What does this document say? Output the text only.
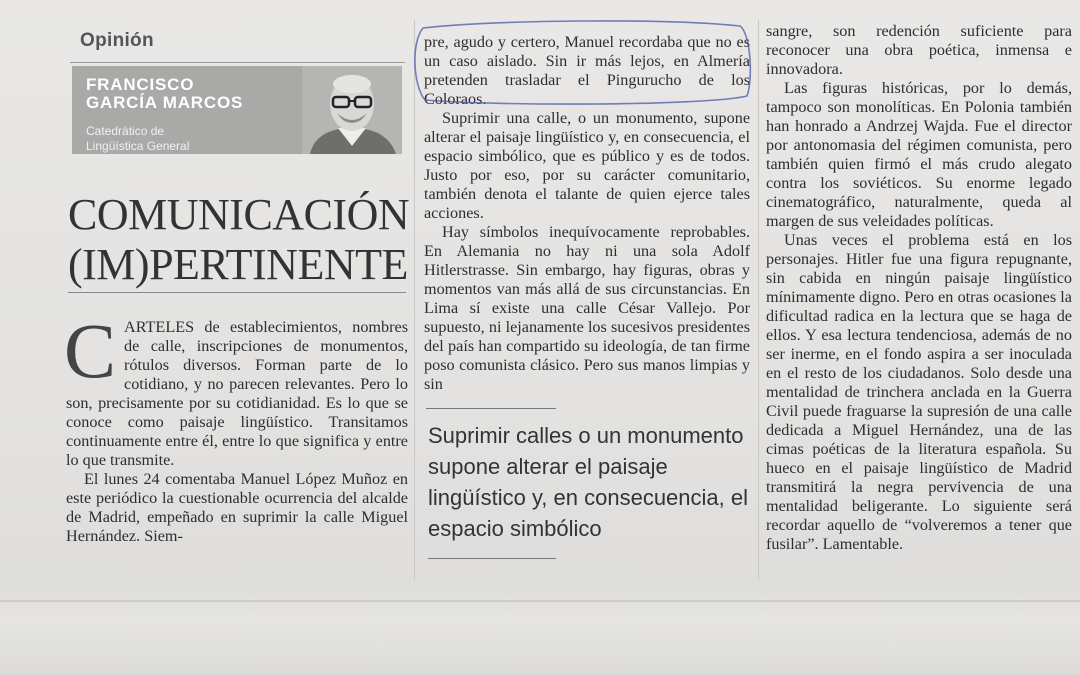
Opinión
FRANCISCO
GARCÍA MARCOS
Catedrático de
Lingüística General
COMUNICACIÓN
(IM)PERTINENTE
C ARTELES de establecimientos, nombres de calle, inscripciones de monumentos, rótulos diversos. Forman parte de lo cotidiano, y no parecen relevantes. Pero lo son, precisamente por su cotidianidad. Es lo que se conoce como paisaje lingüístico. Transitamos continuamente entre él, entre lo que significa y entre lo que transmite.

El lunes 24 comentaba Manuel López Muñoz en este periódico la cuestionable ocurrencia del alcalde de Madrid, empeñado en suprimir la calle Miguel Hernández. Siem-

pre, agudo y certero, Manuel recordaba que no es un caso aislado. Sin ir más lejos, en Almería pretenden trasladar el Pingurucho de los Coloraos.

Suprimir una calle, o un monumento, supone alterar el paisaje lingüístico y, en consecuencia, el espacio simbólico, que es público y es de todos. Justo por eso, por su carácter comunitario, también denota el talante de quien ejerce tales acciones.

Hay símbolos inequívocamente reprobables. En Alemania no hay ni una sola Adolf Hitlerstrasse. Sin embargo, hay figuras, obras y momentos van más allá de sus circunstancias. En Lima sí existe una calle César Vallejo. Por supuesto, ni lejanamente los sucesivos presidentes del país han compartido su ideología, de tan firme poso comunista clásico. Pero sus manos limpias y sin

Suprimir calles o un monumento supone alterar el paisaje lingüístico y, en consecuencia, el espacio simbólico

sangre, son redención suficiente para reconocer una obra poética, inmensa e innovadora.

Las figuras históricas, por lo demás, tampoco son monolíticas. En Polonia también han honrado a Andrzej Wajda. Fue el director por antonomasia del régimen comunista, pero también quien firmó el más crudo alegato contra los soviéticos. Su enorme legado cinematográfico, naturalmente, queda al margen de sus veleidades políticas.

Unas veces el problema está en los personajes. Hitler fue una figura repugnante, sin cabida en ningún paisaje lingüístico mínimamente digno. Pero en otras ocasiones la dificultad radica en la lectura que se haga de ellos. Y esa lectura tendenciosa, además de no ser inerme, en el fondo aspira a ser inoculada en el resto de los ciudadanos. Solo desde una mentalidad de trinchera anclada en la Guerra Civil puede fraguarse la supresión de una calle dedicada a Miguel Hernández, una de las cimas poéticas de la literatura española. Su hueco en el paisaje lingüístico de Madrid transmitirá la negra pervivencia de una mentalidad beligerante. Lo siguiente será recordar aquello de “volveremos a tener que fusilar”. Lamentable.
